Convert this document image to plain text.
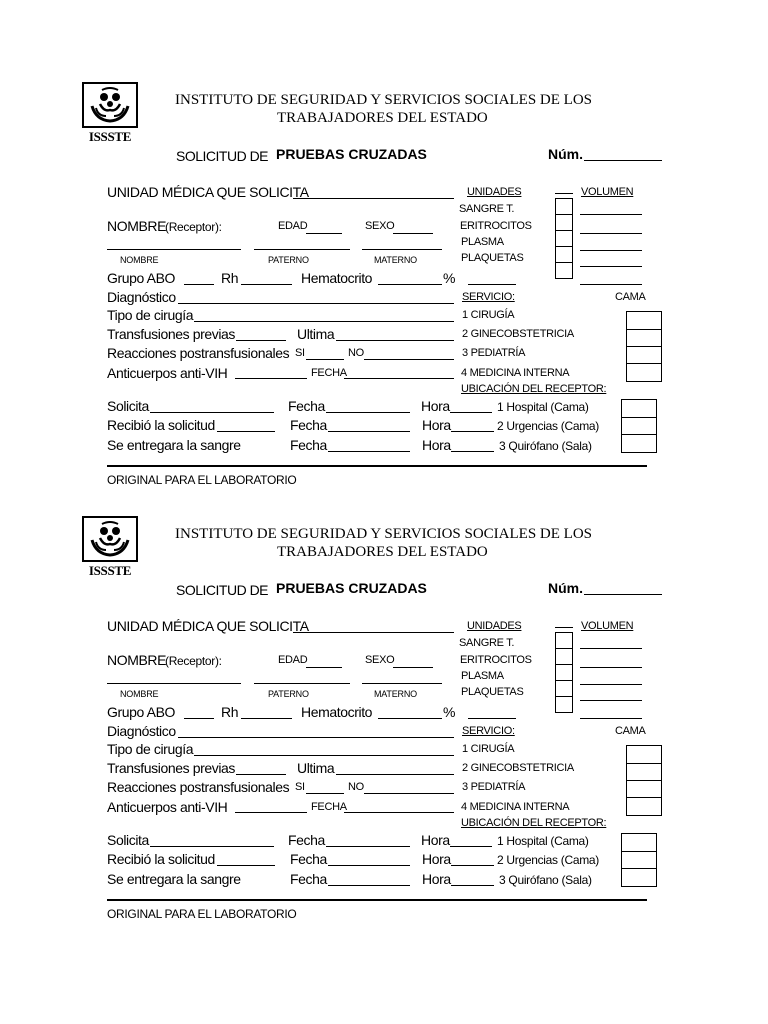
ISSSTE
INSTITUTO DE SEGURIDAD Y SERVICIOS SOCIALES DE LOS
TRABAJADORES DEL ESTADO
SOLICITUD DE PRUEBAS CRUZADAS	Núm.
UNIDAD MÉDICA QUE SOLICITA	UNIDADES	VOLUMEN
SANGRE T.
ERITROCITOS
PLASMA
PLAQUETAS
NOMBRE
(Receptor):	EDAD	SEXO
NOMBRE	PATERNO	MATERNO
Grupo ABO	Rh	Hematocrito	%
Diagnóstico	SERVICIO:	CAMA
Tipo de cirugía	1 CIRUGÍA
Transfusiones previas	Ultima	2 GINECOBSTETRICIA
Reacciones postransfusionales SI	NO	3 PEDIATRÍA
Anticuerpos anti-VIH	FECHA	4 MEDICINA INTERNA
UBICACIÓN DEL RECEPTOR:
Solicita	Fecha	Hora	1 Hospital (Cama)
Recibió la solicitud	Fecha	Hora	2 Urgencias (Cama)
Se entregara la sangre	Fecha	Hora	3 Quirófano (Sala)
ORIGINAL PARA EL LABORATORIO
ISSSTE
INSTITUTO DE SEGURIDAD Y SERVICIOS SOCIALES DE LOS
TRABAJADORES DEL ESTADO
SOLICITUD DE PRUEBAS CRUZADAS	Núm.
UNIDAD MÉDICA QUE SOLICITA	UNIDADES	VOLUMEN
SANGRE T.
ERITROCITOS
PLASMA
PLAQUETAS
NOMBRE
(Receptor):	EDAD	SEXO
NOMBRE	PATERNO	MATERNO
Grupo ABO	Rh	Hematocrito	%
Diagnóstico	SERVICIO:	CAMA
Tipo de cirugía	1 CIRUGÍA
Transfusiones previas	Ultima	2 GINECOBSTETRICIA
Reacciones postransfusionales SI	NO	3 PEDIATRÍA
Anticuerpos anti-VIH	FECHA	4 MEDICINA INTERNA
UBICACIÓN DEL RECEPTOR:
Solicita	Fecha	Hora	1 Hospital (Cama)
Recibió la solicitud	Fecha	Hora	2 Urgencias (Cama)
Se entregara la sangre	Fecha	Hora	3 Quirófano (Sala)
ORIGINAL PARA EL LABORATORIO
